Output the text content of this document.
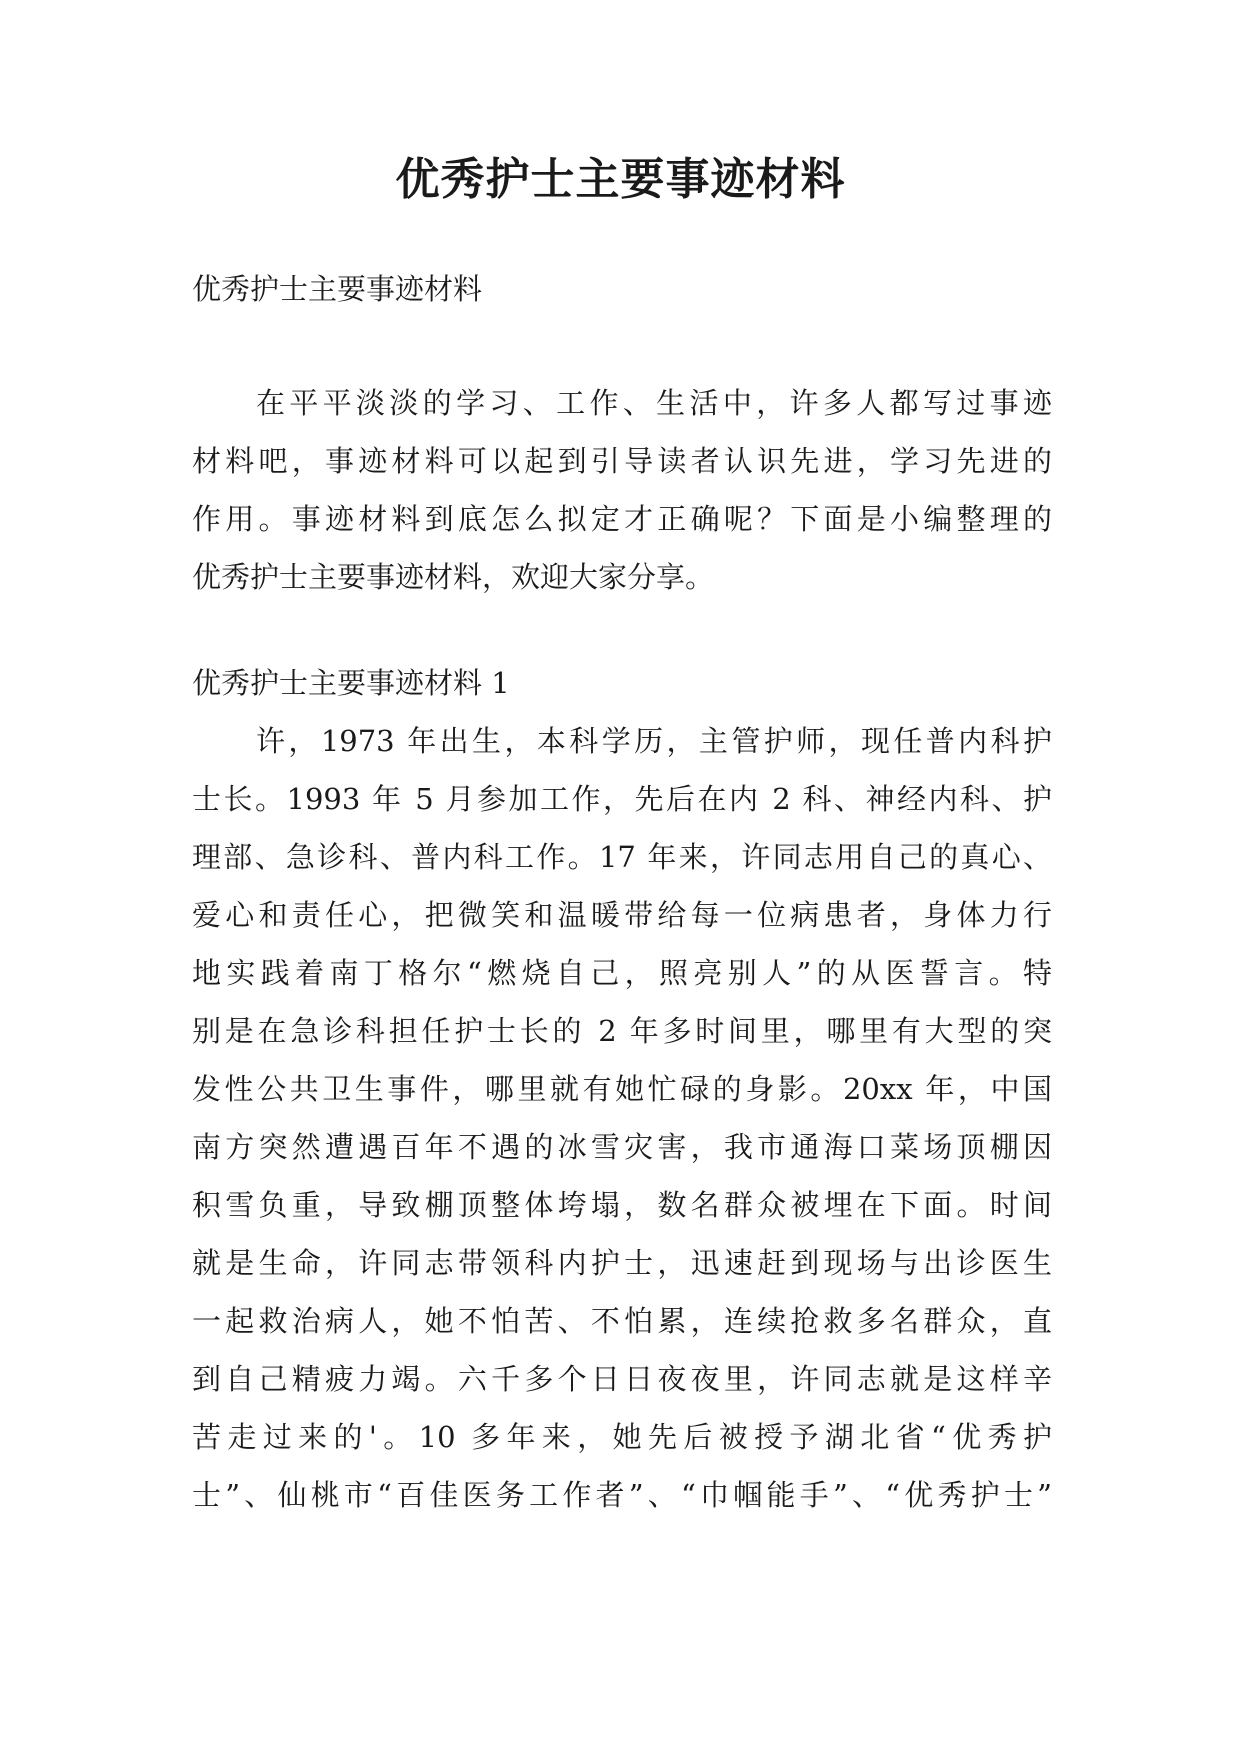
优秀护士主要事迹材料
优秀护士主要事迹材料
在平平淡淡的学习、工作、生活中，许多人都写过事迹
材料吧，事迹材料可以起到引导读者认识先进，学习先进的
作用。事迹材料到底怎么拟定才正确呢？下面是小编整理的
优秀护士主要事迹材料，欢迎大家分享。
优秀护士主要事迹材料 1
许，1973 年出生，本科学历，主管护师，现任普内科护
士长。1993 年 5 月参加工作，先后在内 2 科、神经内科、护
理部、急诊科、普内科工作。17 年来，许同志用自己的真心、
爱心和责任心，把微笑和温暖带给每一位病患者，身体力行
地实践着南丁格尔“燃烧自己，照亮别人”的从医誓言。特
别是在急诊科担任护士长的 2 年多时间里，哪里有大型的突
发性公共卫生事件，哪里就有她忙碌的身影。20xx 年，中国
南方突然遭遇百年不遇的冰雪灾害，我市通海口菜场顶棚因
积雪负重，导致棚顶整体垮塌，数名群众被埋在下面。时间
就是生命，许同志带领科内护士，迅速赶到现场与出诊医生
一起救治病人，她不怕苦、不怕累，连续抢救多名群众，直
到自己精疲力竭。六千多个日日夜夜里，许同志就是这样辛
苦走过来的'。10 多年来，她先后被授予湖北省“优秀护
士”、仙桃市“百佳医务工作者”、“巾帼能手”、“优秀护士”
